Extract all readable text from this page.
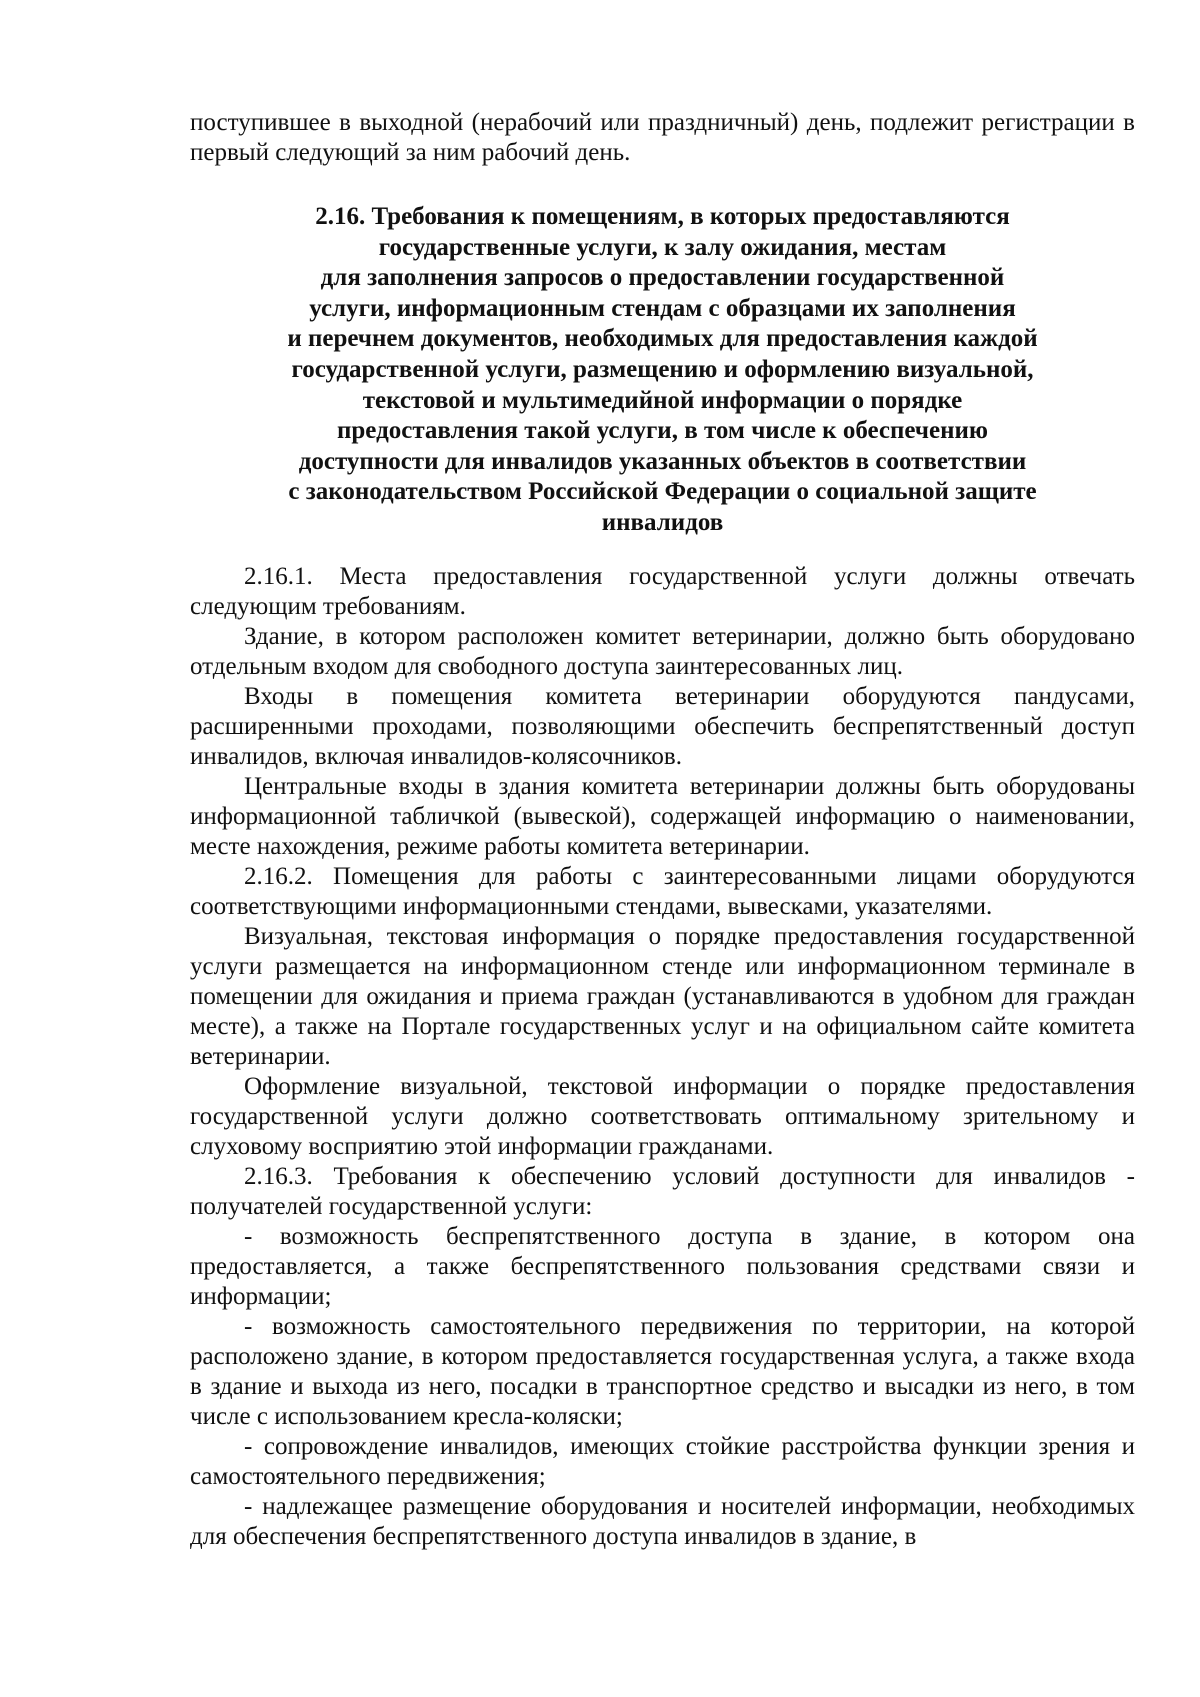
поступившее в выходной (нерабочий или праздничный) день, подлежит регистрации в первый следующий за ним рабочий день.

2.16. Требования к помещениям, в которых предоставляются
государственные услуги, к залу ожидания, местам
для заполнения запросов о предоставлении государственной
услуги, информационным стендам с образцами их заполнения
и перечнем документов, необходимых для предоставления каждой
государственной услуги, размещению и оформлению визуальной,
текстовой и мультимедийной информации о порядке
предоставления такой услуги, в том числе к обеспечению
доступности для инвалидов указанных объектов в соответствии
с законодательством Российской Федерации о социальной защите
инвалидов

2.16.1. Места предоставления государственной услуги должны отвечать следующим требованиям.

Здание, в котором расположен комитет ветеринарии, должно быть оборудовано отдельным входом для свободного доступа заинтересованных лиц.

Входы в помещения комитета ветеринарии оборудуются пандусами, расширенными проходами, позволяющими обеспечить беспрепятственный доступ инвалидов, включая инвалидов-колясочников.

Центральные входы в здания комитета ветеринарии должны быть оборудованы информационной табличкой (вывеской), содержащей информацию о наименовании, месте нахождения, режиме работы комитета ветеринарии.

2.16.2. Помещения для работы с заинтересованными лицами оборудуются соответствующими информационными стендами, вывесками, указателями.

Визуальная, текстовая информация о порядке предоставления государственной услуги размещается на информационном стенде или информационном терминале в помещении для ожидания и приема граждан (устанавливаются в удобном для граждан месте), а также на Портале государственных услуг и на официальном сайте комитета ветеринарии.

Оформление визуальной, текстовой информации о порядке предоставления государственной услуги должно соответствовать оптимальному зрительному и слуховому восприятию этой информации гражданами.

2.16.3. Требования к обеспечению условий доступности для инвалидов - получателей государственной услуги:

- возможность беспрепятственного доступа в здание, в котором она предоставляется, а также беспрепятственного пользования средствами связи и информации;

- возможность самостоятельного передвижения по территории, на которой расположено здание, в котором предоставляется государственная услуга, а также входа в здание и выхода из него, посадки в транспортное средство и высадки из него, в том числе с использованием кресла-коляски;

- сопровождение инвалидов, имеющих стойкие расстройства функции зрения и самостоятельного передвижения;

- надлежащее размещение оборудования и носителей информации, необходимых для обеспечения беспрепятственного доступа инвалидов в здание, в
